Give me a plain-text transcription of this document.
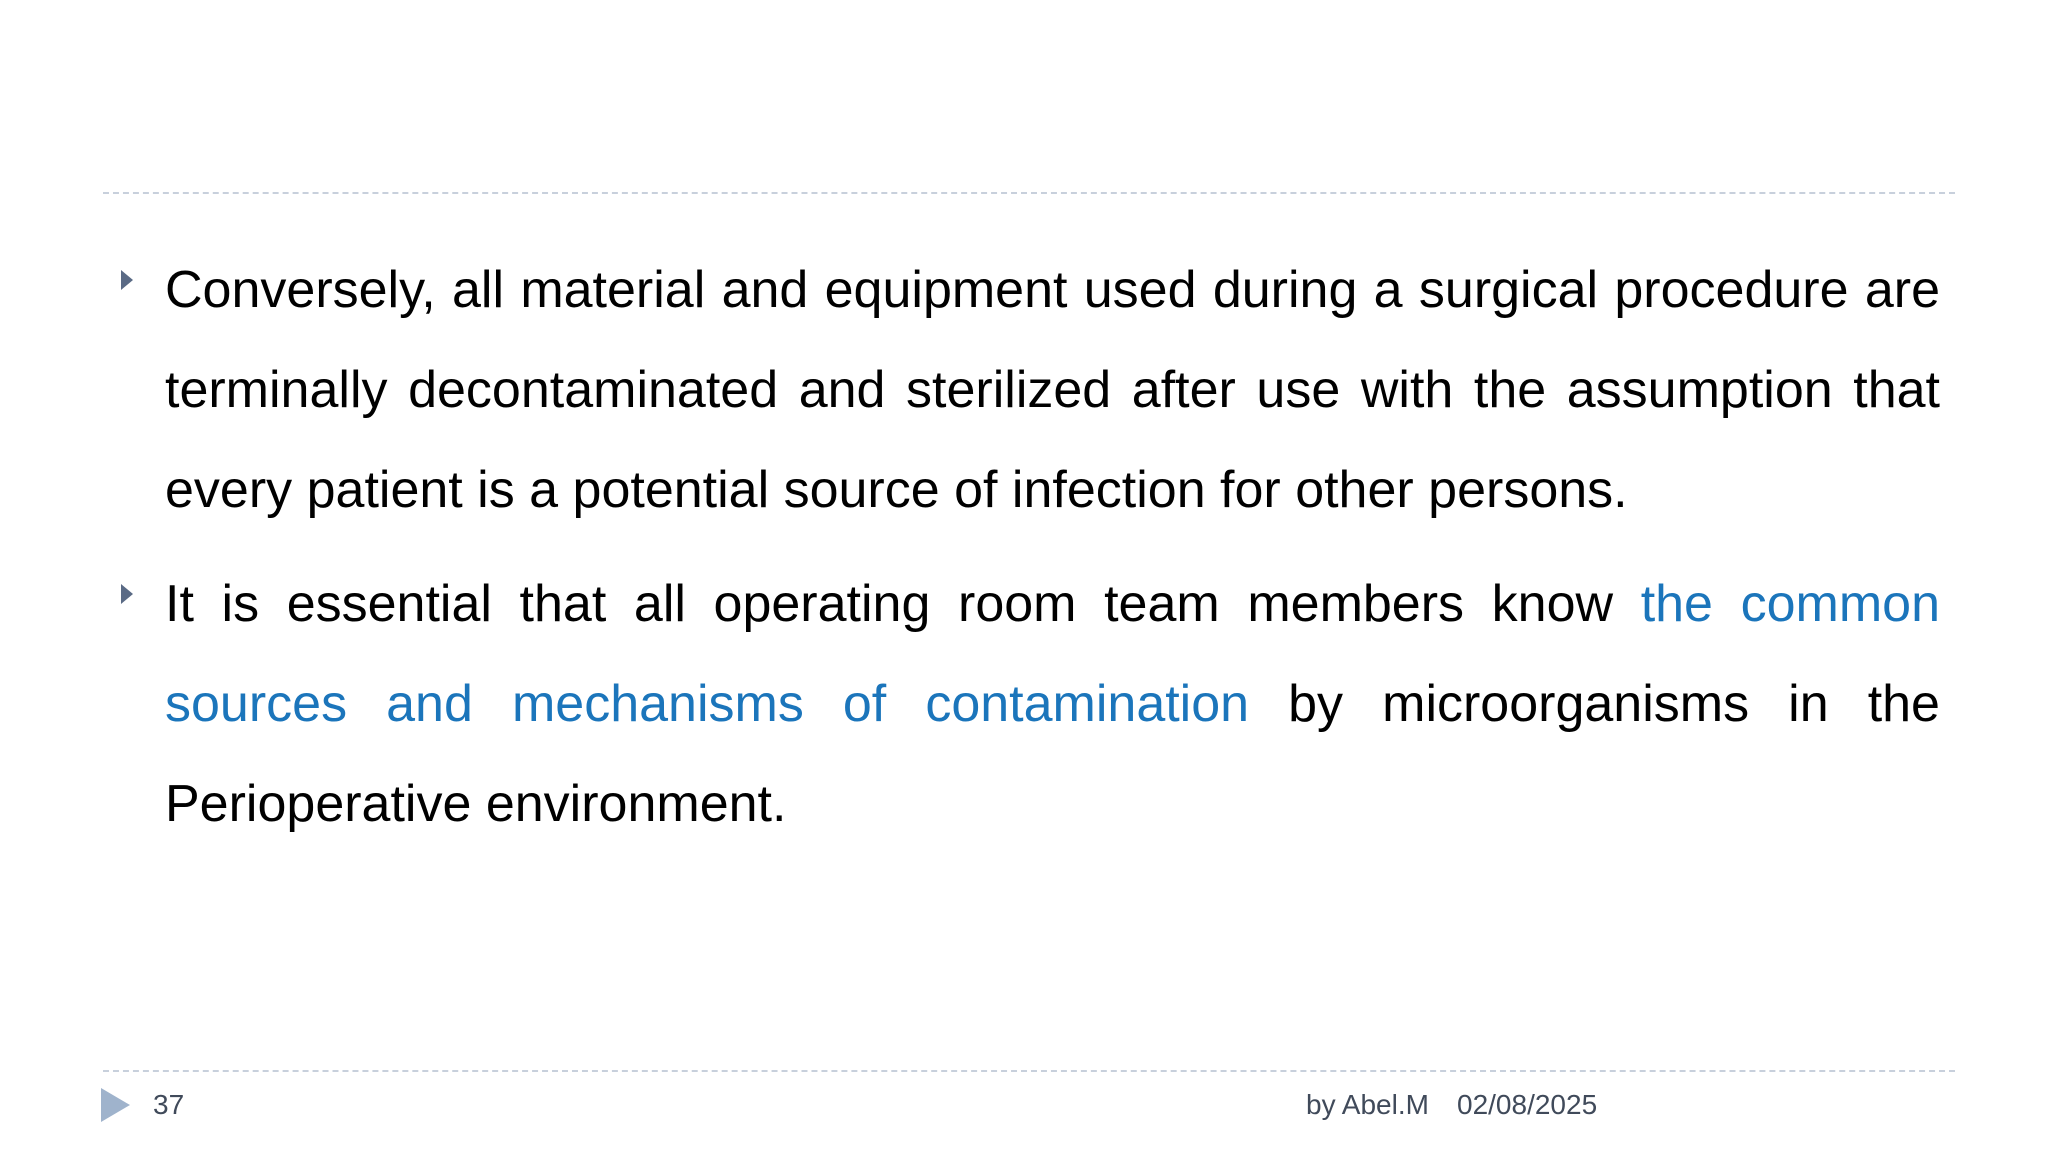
Conversely, all material and equipment used during a surgical procedure are terminally decontaminated and sterilized after use with the assumption that every patient is a potential source of infection for other persons.
It is essential that all operating room team members know the common sources and mechanisms of contamination by microorganisms in the Perioperative environment.
37	by Abel.M 02/08/2025
